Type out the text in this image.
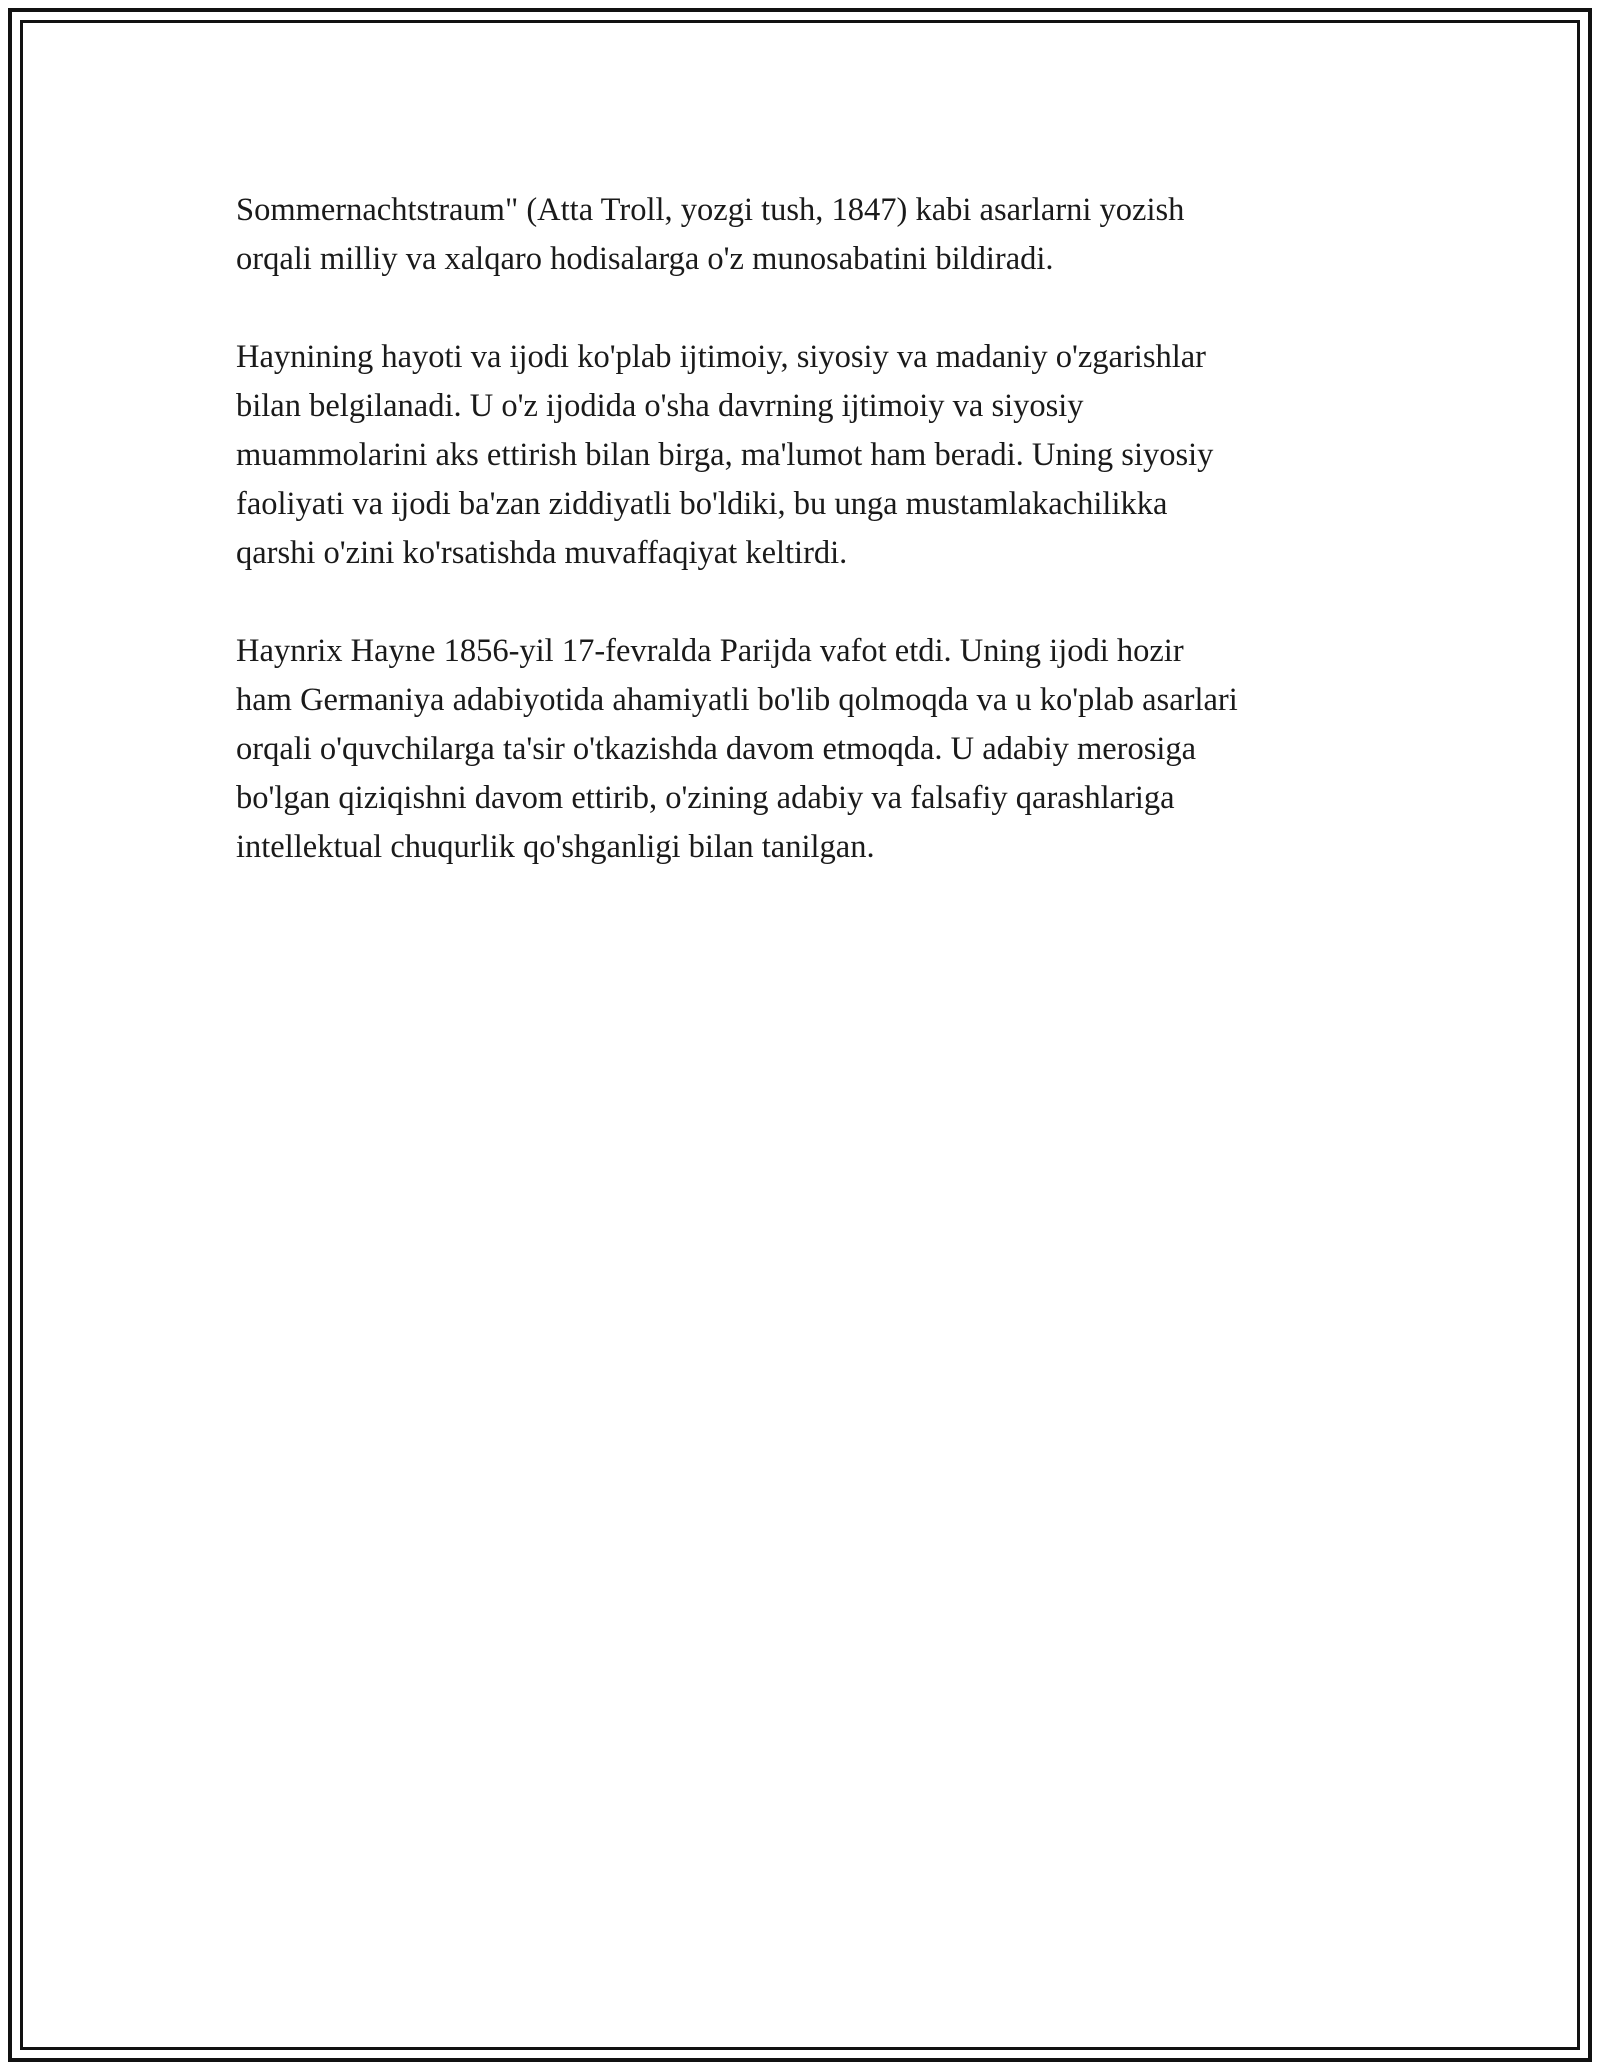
Sommernachtstraum" (Atta Troll, yozgi tush, 1847) kabi asarlarni yozish
orqali milliy va xalqaro hodisalarga o'z munosabatini bildiradi.

Haynining hayoti va ijodi ko'plab ijtimoiy, siyosiy va madaniy o'zgarishlar
bilan belgilanadi. U o'z ijodida o'sha davrning ijtimoiy va siyosiy
muammolarini aks ettirish bilan birga, ma'lumot ham beradi. Uning siyosiy
faoliyati va ijodi ba'zan ziddiyatli bo'ldiki, bu unga mustamlakachilikka
qarshi o'zini ko'rsatishda muvaffaqiyat keltirdi.

Haynrix Hayne 1856-yil 17-fevralda Parijda vafot etdi. Uning ijodi hozir
ham Germaniya adabiyotida ahamiyatli bo'lib qolmoqda va u ko'plab asarlari
orqali o'quvchilarga ta'sir o'tkazishda davom etmoqda. U adabiy merosiga
bo'lgan qiziqishni davom ettirib, o'zining adabiy va falsafiy qarashlariga
intellektual chuqurlik qo'shganligi bilan tanilgan.
